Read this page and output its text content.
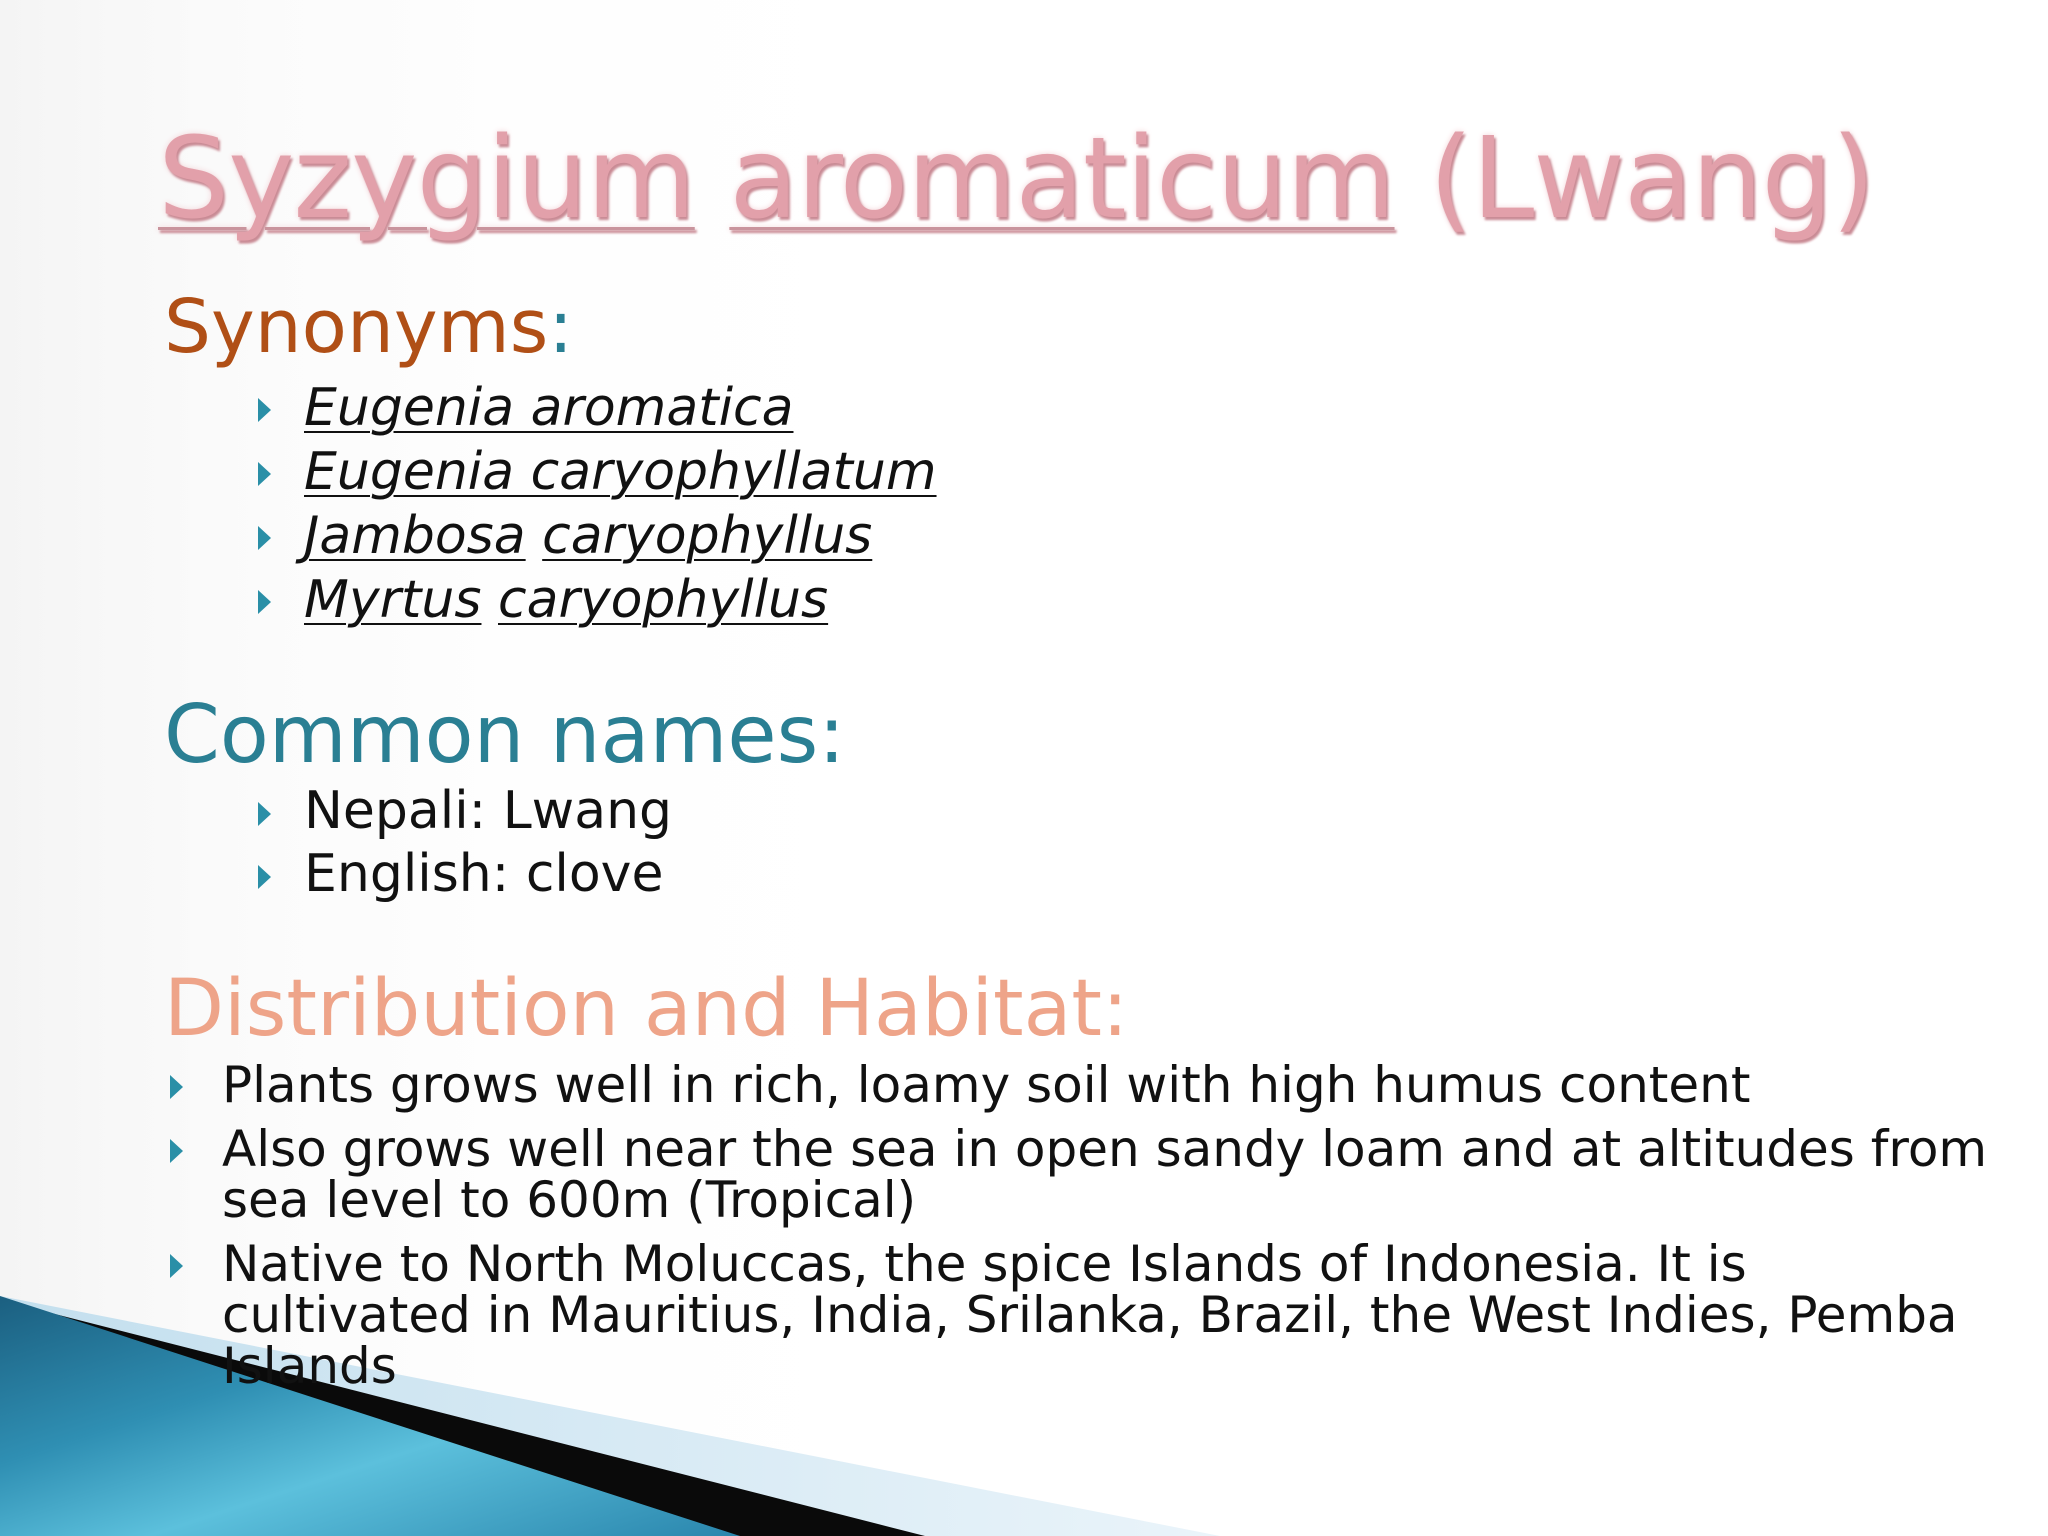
Syzygium aromaticum (Lwang)
Synonyms:
Eugenia aromatica
Eugenia caryophyllatum
Jambosa caryophyllus
Myrtus caryophyllus
Common names:
Nepali: Lwang
English: clove
Distribution and Habitat:
Plants grows well in rich, loamy soil with high humus content
Also grows well near the sea in open sandy loam and at altitudes from sea level to 600m (Tropical)
Native to North Moluccas, the spice Islands of Indonesia. It is cultivated in Mauritius, India, Srilanka, Brazil, the West Indies, Pemba Islands
